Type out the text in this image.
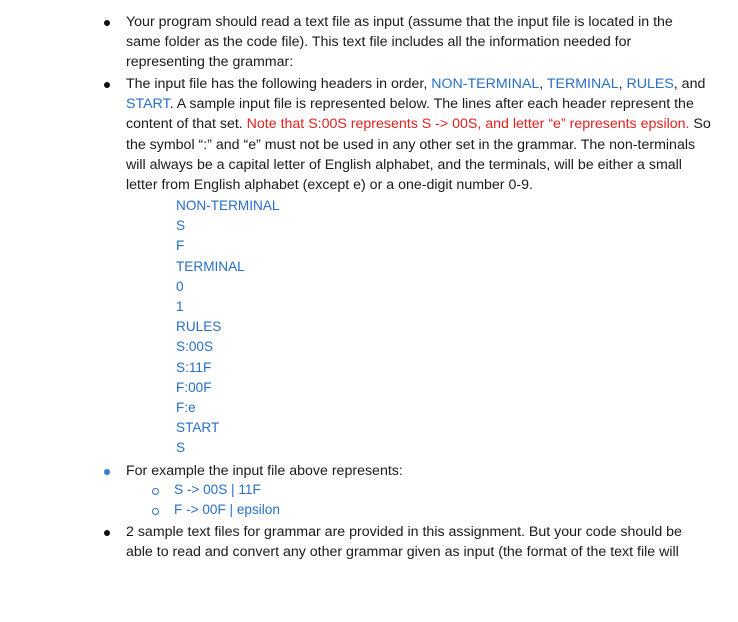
Your program should read a text file as input (assume that the input file is located in the
same folder as the code file). This text file includes all the information needed for
representing the grammar:
The input file has the following headers in order, NON-TERMINAL, TERMINAL, RULES, and
START. A sample input file is represented below. The lines after each header represent the
content of that set. Note that S:00S represents S -> 00S, and letter “e” represents epsilon. So
the symbol “:” and “e” must not be used in any other set in the grammar. The non-terminals
will always be a capital letter of English alphabet, and the terminals, will be either a small
letter from English alphabet (except e) or a one-digit number 0-9.
NON-TERMINAL
S
F
TERMINAL
0
1
RULES
S:00S
S:11F
F:00F
F:e
START
S
For example the input file above represents:
S -> 00S | 11F
F -> 00F | epsilon
2 sample text files for grammar are provided in this assignment. But your code should be
able to read and convert any other grammar given as input (the format of the text file will
